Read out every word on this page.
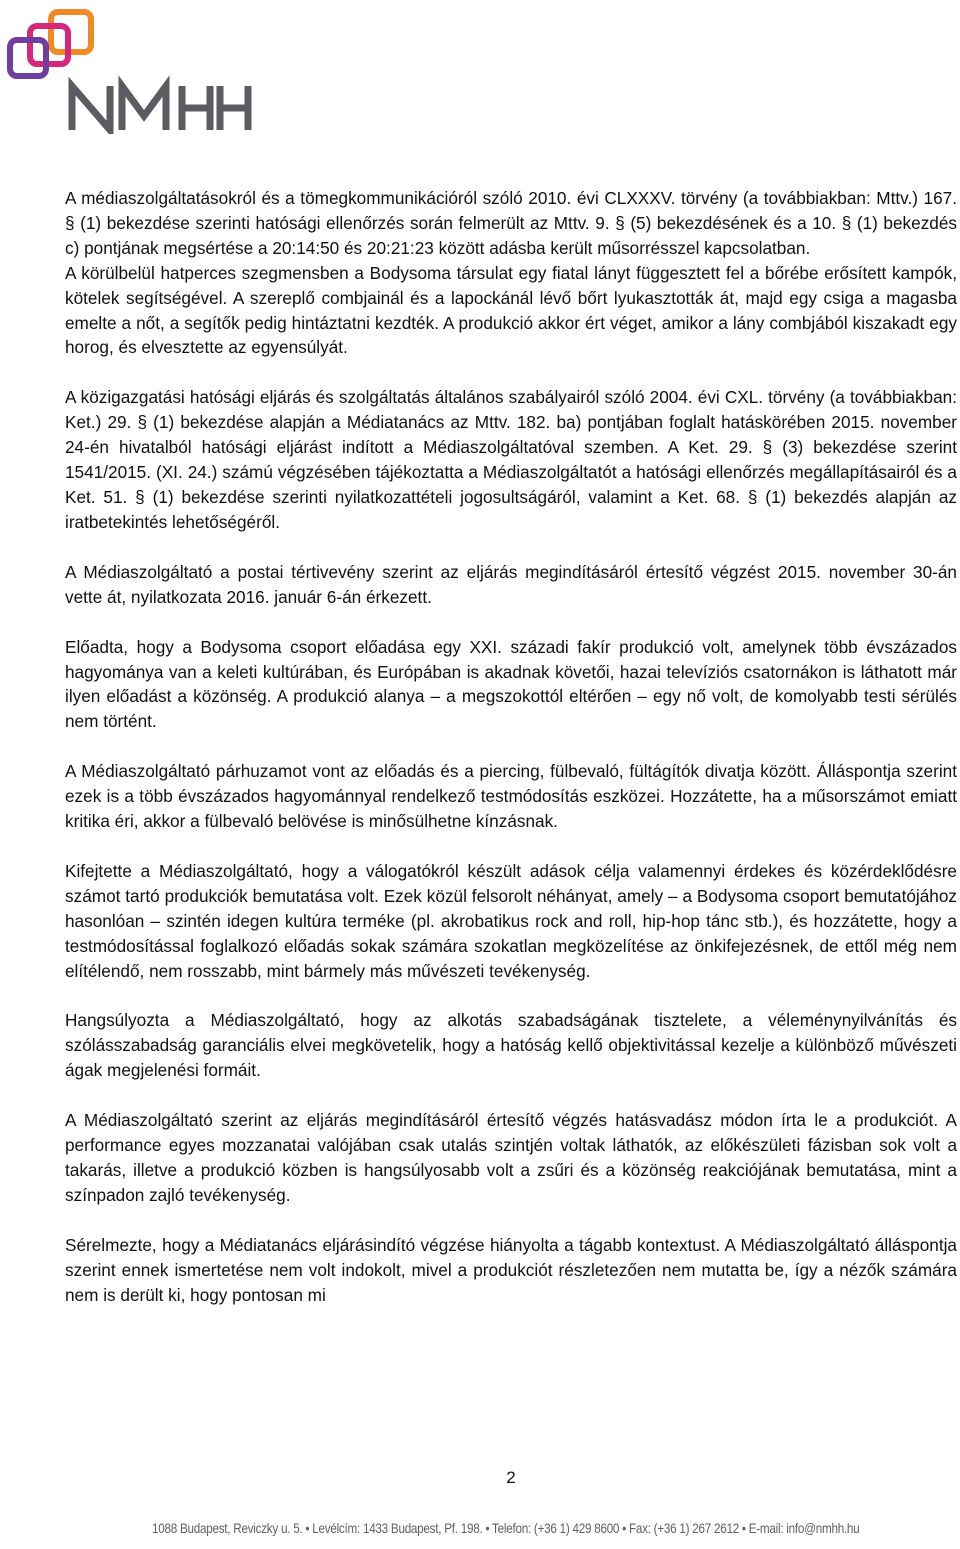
A médiaszolgáltatásokról és a tömegkommunikációról szóló 2010. évi CLXXXV. törvény (a továbbiakban: Mttv.) 167. § (1) bekezdése szerinti hatósági ellenőrzés során felmerült az Mttv. 9. § (5) bekezdésének és a 10. § (1) bekezdés c) pontjának megsértése a 20:14:50 és 20:21:23 között adásba került műsorrésszel kapcsolatban.

A körülbelül hatperces szegmensben a Bodysoma társulat egy fiatal lányt függesztett fel a bőrébe erősített kampók, kötelek segítségével. A szereplő combjainál és a lapockánál lévő bőrt lyukasztották át, majd egy csiga a magasba emelte a nőt, a segítők pedig hintáztatni kezdték. A produkció akkor ért véget, amikor a lány combjából kiszakadt egy horog, és elvesztette az egyensúlyát.

A közigazgatási hatósági eljárás és szolgáltatás általános szabályairól szóló 2004. évi CXL. törvény (a továbbiakban: Ket.) 29. § (1) bekezdése alapján a Médiatanács az Mttv. 182. ba) pontjában foglalt hatáskörében 2015. november 24-én hivatalból hatósági eljárást indított a Médiaszolgáltatóval szemben. A Ket. 29. § (3) bekezdése szerint 1541/2015. (XI. 24.) számú végzésében tájékoztatta a Médiaszolgáltatót a hatósági ellenőrzés megállapításairól és a Ket. 51. § (1) bekezdése szerinti nyilatkozattételi jogosultságáról, valamint a Ket. 68. § (1) bekezdés alapján az iratbetekintés lehetőségéről.

A Médiaszolgáltató a postai tértivevény szerint az eljárás megindításáról értesítő végzést 2015. november 30-án vette át, nyilatkozata 2016. január 6-án érkezett.

Előadta, hogy a Bodysoma csoport előadása egy XXI. századi fakír produkció volt, amelynek több évszázados hagyománya van a keleti kultúrában, és Európában is akadnak követői, hazai televíziós csatornákon is láthatott már ilyen előadást a közönség. A produkció alanya – a megszokottól eltérően – egy nő volt, de komolyabb testi sérülés nem történt.

A Médiaszolgáltató párhuzamot vont az előadás és a piercing, fülbevaló, fültágítók divatja között. Álláspontja szerint ezek is a több évszázados hagyománnyal rendelkező testmódosítás eszközei. Hozzátette, ha a műsorszámot emiatt kritika éri, akkor a fülbevaló belövése is minősülhetne kínzásnak.

Kifejtette a Médiaszolgáltató, hogy a válogatókról készült adások célja valamennyi érdekes és közérdeklődésre számot tartó produkciók bemutatása volt. Ezek közül felsorolt néhányat, amely – a Bodysoma csoport bemutatójához hasonlóan – szintén idegen kultúra terméke (pl. akrobatikus rock and roll, hip-hop tánc stb.), és hozzátette, hogy a testmódosítással foglalkozó előadás sokak számára szokatlan megközelítése az önkifejezésnek, de ettől még nem elítélendő, nem rosszabb, mint bármely más művészeti tevékenység.

Hangsúlyozta a Médiaszolgáltató, hogy az alkotás szabadságának tisztelete, a véleménynyilvánítás és szólásszabadság garanciális elvei megkövetelik, hogy a hatóság kellő objektivitással kezelje a különböző művészeti ágak megjelenési formáit.

A Médiaszolgáltató szerint az eljárás megindításáról értesítő végzés hatásvadász módon írta le a produkciót. A performance egyes mozzanatai valójában csak utalás szintjén voltak láthatók, az előkészületi fázisban sok volt a takarás, illetve a produkció közben is hangsúlyosabb volt a zsűri és a közönség reakciójának bemutatása, mint a színpadon zajló tevékenység.

Sérelmezte, hogy a Médiatanács eljárásindító végzése hiányolta a tágabb kontextust. A Médiaszolgáltató álláspontja szerint ennek ismertetése nem volt indokolt, mivel a produkciót részletezően nem mutatta be, így a nézők számára nem is derült ki, hogy pontosan mi

2
1088 Budapest, Reviczky u. 5. • Levélcím: 1433 Budapest, Pf. 198. • Telefon: (+36 1) 429 8600 • Fax: (+36 1) 267 2612 • E-mail: info@nmhh.hu
